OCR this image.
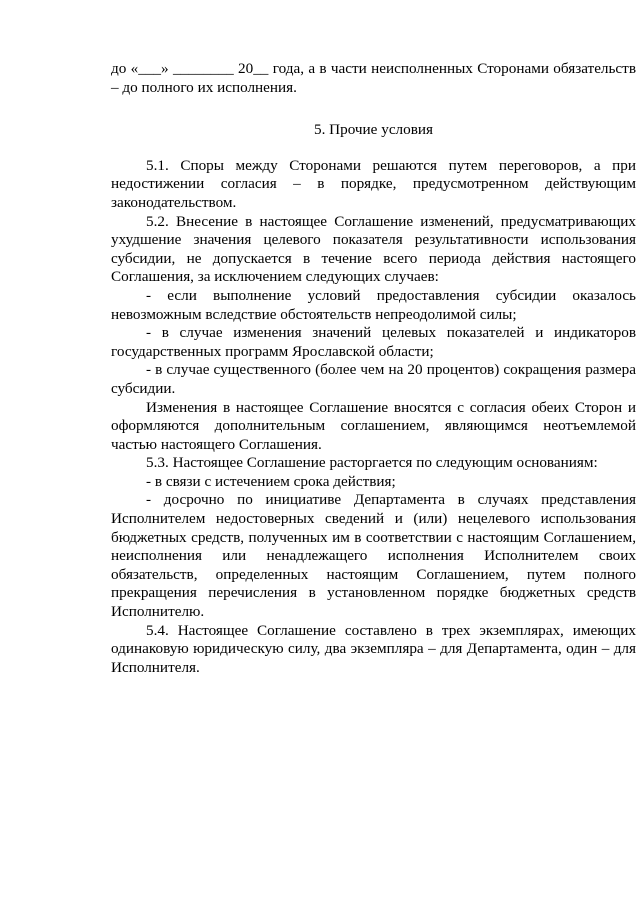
до «___» ________ 20__ года, а в части неисполненных Сторонами обязательств – до полного их исполнения.

5. Прочие условия

5.1. Споры между Сторонами решаются путем переговоров, а при недостижении согласия – в порядке, предусмотренном действующим законодательством.

5.2. Внесение в настоящее Соглашение изменений, предусматривающих ухудшение значения целевого показателя результативности использования субсидии, не допускается в течение всего периода действия настоящего Соглашения, за исключением следующих случаев:

- если выполнение условий предоставления субсидии оказалось невозможным вследствие обстоятельств непреодолимой силы;

- в случае изменения значений целевых показателей и индикаторов государственных программ Ярославской области;

- в случае существенного (более чем на 20 процентов) сокращения размера субсидии.

Изменения в настоящее Соглашение вносятся с согласия обеих Сторон и оформляются дополнительным соглашением, являющимся неотъемлемой частью настоящего Соглашения.

5.3. Настоящее Соглашение расторгается по следующим основаниям:

- в связи с истечением срока действия;

- досрочно по инициативе Департамента в случаях представления Исполнителем недостоверных сведений и (или) нецелевого использования бюджетных средств, полученных им в соответствии с настоящим Соглашением, неисполнения или ненадлежащего исполнения Исполнителем своих обязательств, определенных настоящим Соглашением, путем полного прекращения перечисления в установленном порядке бюджетных средств Исполнителю.

5.4. Настоящее Соглашение составлено в трех экземплярах, имеющих одинаковую юридическую силу, два экземпляра – для Департамента, один – для Исполнителя.
